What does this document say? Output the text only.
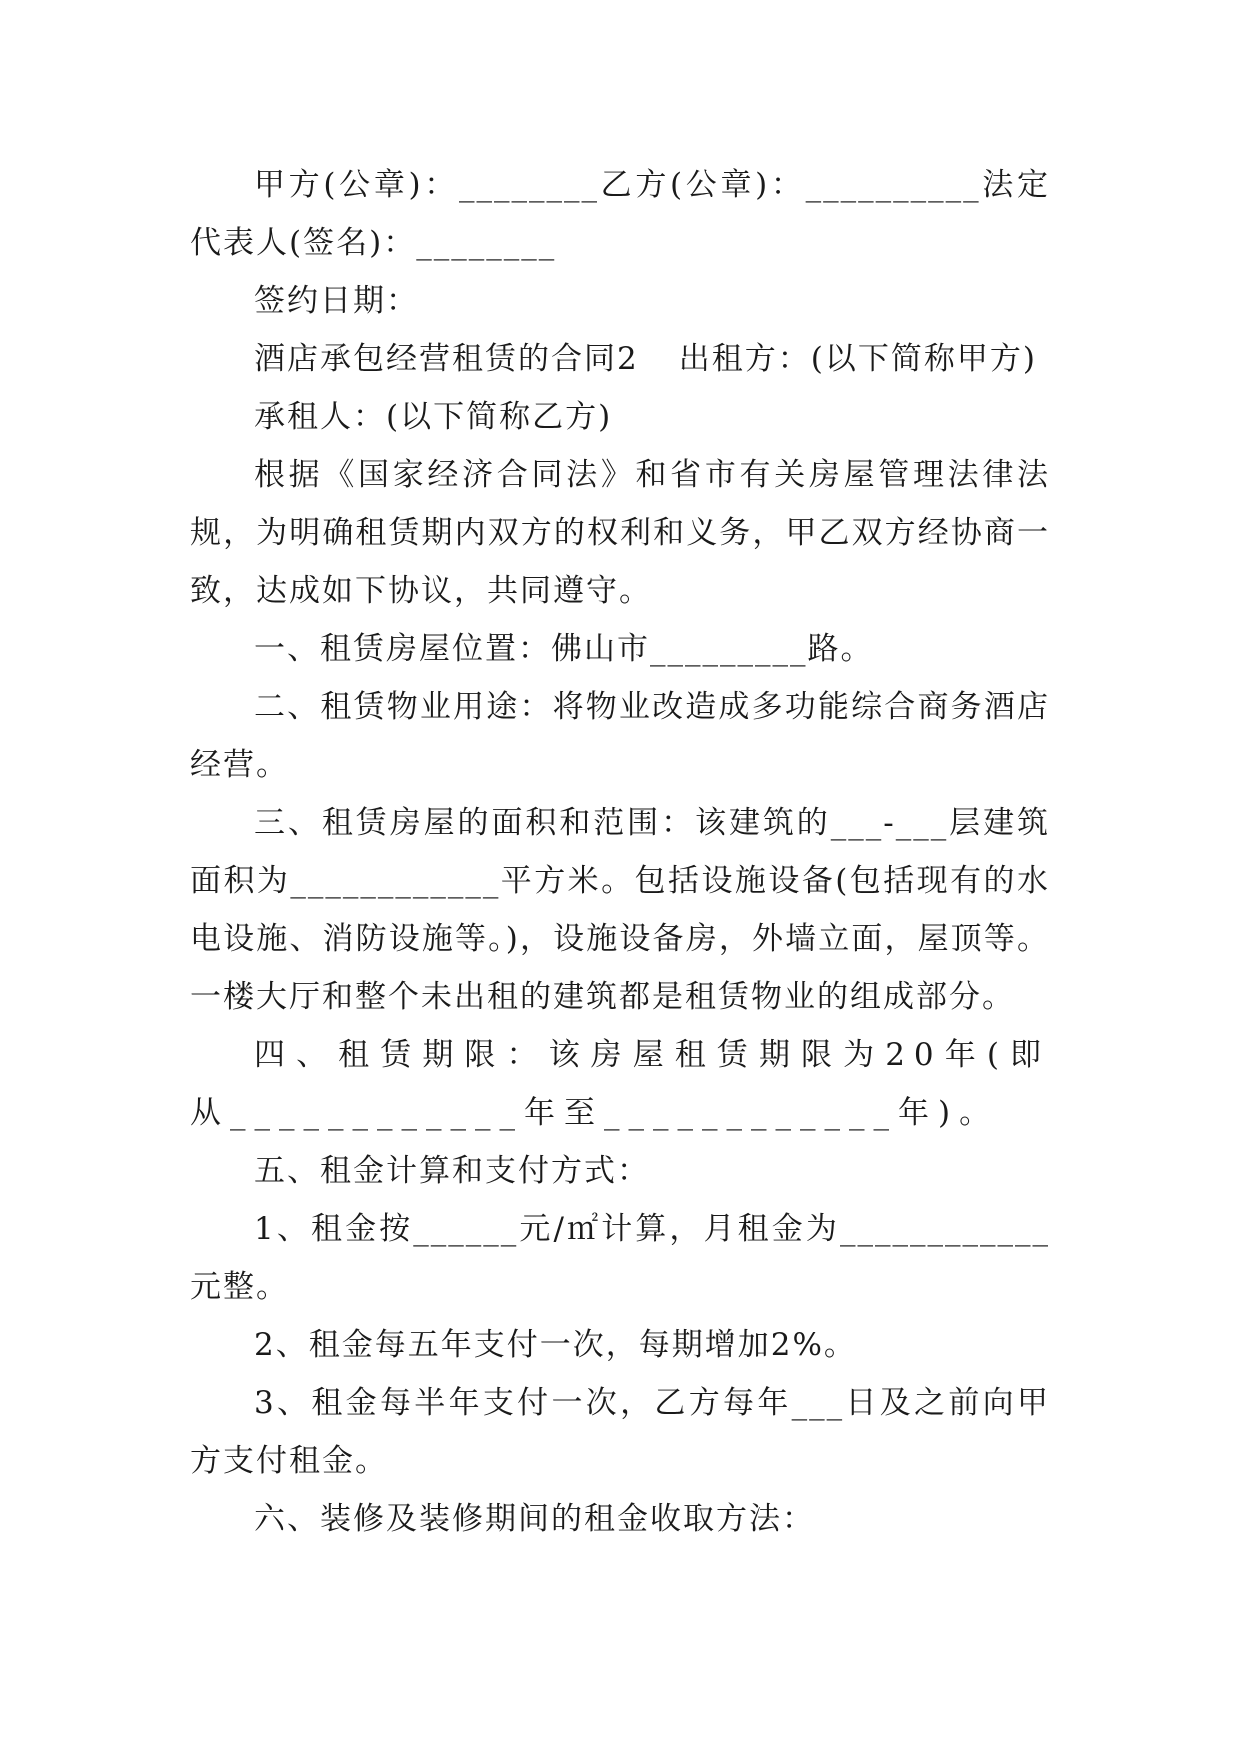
甲方(公章)：________乙方(公章)：__________法定代表人(签名)：________

签约日期：

酒店承包经营租赁的合同2 出租方：(以下简称甲方)

承租人：(以下简称乙方)

根据《国家经济合同法》和省市有关房屋管理法律法规，为明确租赁期内双方的权利和义务，甲乙双方经协商一致，达成如下协议，共同遵守。

一、租赁房屋位置：佛山市_________路。

二、租赁物业用途：将物业改造成多功能综合商务酒店经营。

三、租赁房屋的面积和范围：该建筑的___-___层建筑面积为____________平方米。包括设施设备(包括现有的水电设施、消防设施等。)，设施设备房，外墙立面，屋顶等。一楼大厅和整个未出租的建筑都是租赁物业的组成部分。

四、租赁期限：该房屋租赁期限为20年(即从____________年至____________年)。

五、租金计算和支付方式：

1、租金按______元/㎡计算，月租金为____________元整。

2、租金每五年支付一次，每期增加2%。

3、租金每半年支付一次，乙方每年___日及之前向甲方支付租金。

六、装修及装修期间的租金收取方法：
